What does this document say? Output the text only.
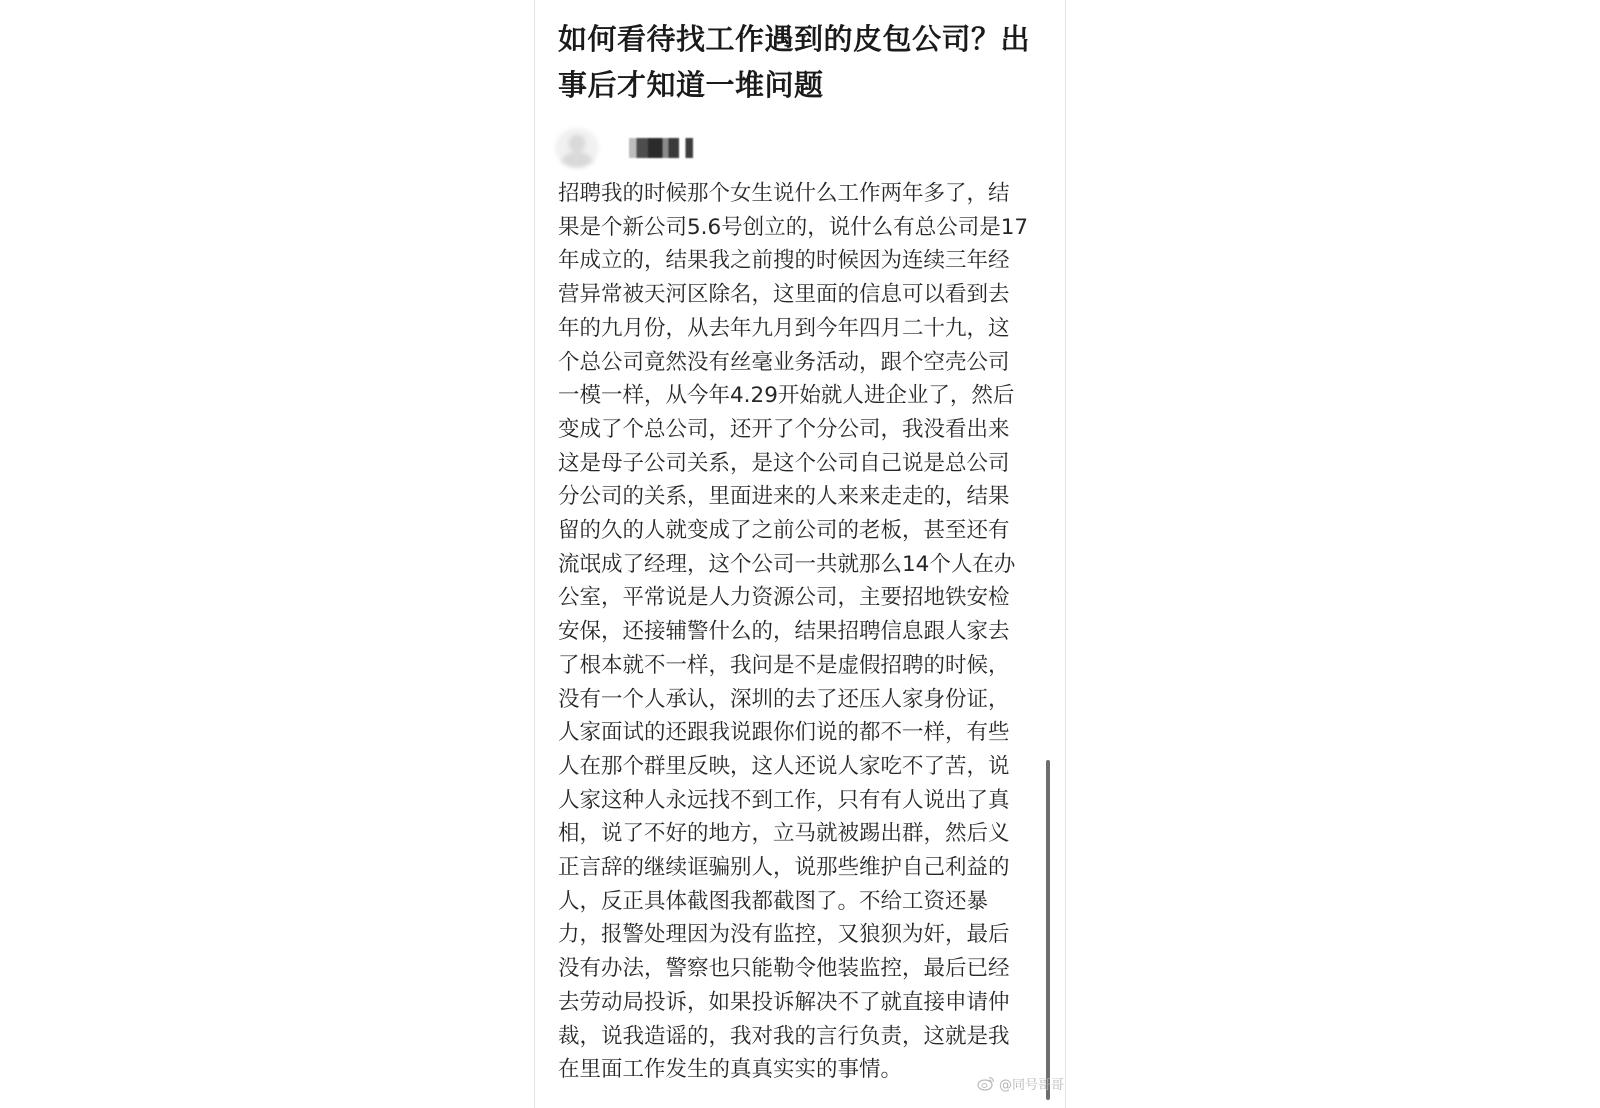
如何看待找工作遇到的皮包公司？出事后才知道一堆问题

招聘我的时候那个女生说什么工作两年多了，结
果是个新公司5.6号创立的，说什么有总公司是17
年成立的，结果我之前搜的时候因为连续三年经
营异常被天河区除名，这里面的信息可以看到去
年的九月份，从去年九月到今年四月二十九，这
个总公司竟然没有丝毫业务活动，跟个空壳公司
一模一样，从今年4.29开始就人进企业了，然后
变成了个总公司，还开了个分公司，我没看出来
这是母子公司关系，是这个公司自己说是总公司
分公司的关系，里面进来的人来来走走的，结果
留的久的人就变成了之前公司的老板，甚至还有
流氓成了经理，这个公司一共就那么14个人在办
公室，平常说是人力资源公司，主要招地铁安检
安保，还接辅警什么的，结果招聘信息跟人家去
了根本就不一样，我问是不是虚假招聘的时候，
没有一个人承认，深圳的去了还压人家身份证，
人家面试的还跟我说跟你们说的都不一样，有些
人在那个群里反映，这人还说人家吃不了苦，说
人家这种人永远找不到工作，只有有人说出了真
相，说了不好的地方，立马就被踢出群，然后义
正言辞的继续诓骗别人，说那些维护自己利益的
人，反正具体截图我都截图了。不给工资还暴
力，报警处理因为没有监控，又狼狈为奸，最后
没有办法，警察也只能勒令他装监控，最后已经
去劳动局投诉，如果投诉解决不了就直接申请仲
裁，说我造谣的，我对我的言行负责，这就是我
在里面工作发生的真真实实的事情。

@同号哥哥
